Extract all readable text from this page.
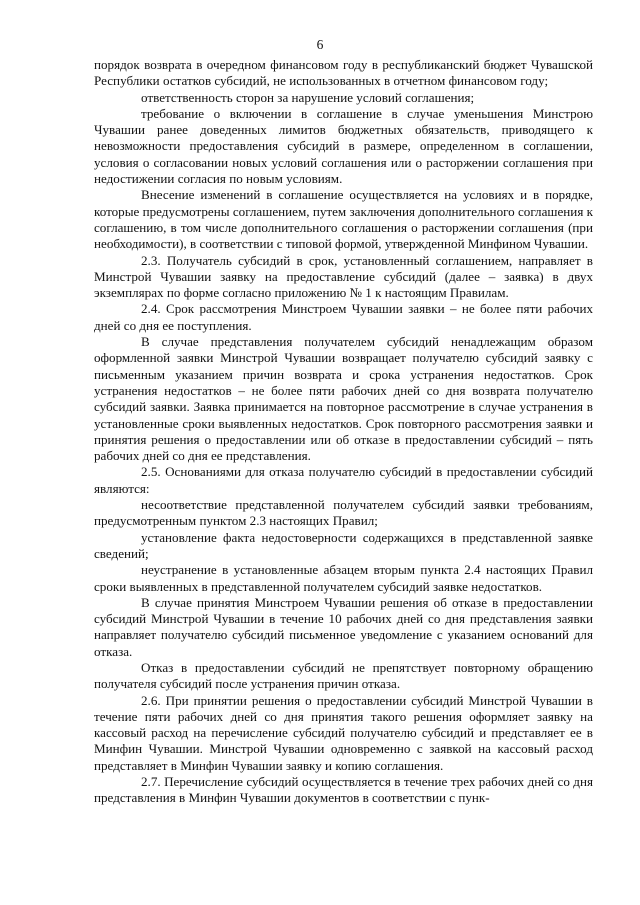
6

порядок возврата в очередном финансовом году в республиканский бюджет Чувашской Республики остатков субсидий, не использованных в отчетном финансовом году;

ответственность сторон за нарушение условий соглашения;

требование о включении в соглашение в случае уменьшения Минстрою Чувашии ранее доведенных лимитов бюджетных обязательств, приводящего к невозможности предоставления субсидий в размере, определенном в соглашении, условия о согласовании новых условий соглашения или о расторжении соглашения при недостижении согласия по новым условиям.

Внесение изменений в соглашение осуществляется на условиях и в порядке, которые предусмотрены соглашением, путем заключения дополнительного соглашения к соглашению, в том числе дополнительного соглашения о расторжении соглашения (при необходимости), в соответствии с типовой формой, утвержденной Минфином Чувашии.

2.3. Получатель субсидий в срок, установленный соглашением, направляет в Минстрой Чувашии заявку на предоставление субсидий (далее – заявка) в двух экземплярах по форме согласно приложению № 1 к настоящим Правилам.

2.4. Срок рассмотрения Минстроем Чувашии заявки – не более пяти рабочих дней со дня ее поступления.

В случае представления получателем субсидий ненадлежащим образом оформленной заявки Минстрой Чувашии возвращает получателю субсидий заявку с письменным указанием причин возврата и срока устранения недостатков. Срок устранения недостатков – не более пяти рабочих дней со дня возврата получателю субсидий заявки. Заявка принимается на повторное рассмотрение в случае устранения в установленные сроки выявленных недостатков. Срок повторного рассмотрения заявки и принятия решения о предоставлении или об отказе в предоставлении субсидий – пять рабочих дней со дня ее представления.

2.5. Основаниями для отказа получателю субсидий в предоставлении субсидий являются:

несоответствие представленной получателем субсидий заявки требованиям, предусмотренным пунктом 2.3 настоящих Правил;

установление факта недостоверности содержащихся в представленной заявке сведений;

неустранение в установленные абзацем вторым пункта 2.4 настоящих Правил сроки выявленных в представленной получателем субсидий заявке недостатков.

В случае принятия Минстроем Чувашии решения об отказе в предоставлении субсидий Минстрой Чувашии в течение 10 рабочих дней со дня представления заявки направляет получателю субсидий письменное уведомление с указанием оснований для отказа.

Отказ в предоставлении субсидий не препятствует повторному обращению получателя субсидий после устранения причин отказа.

2.6. При принятии решения о предоставлении субсидий Минстрой Чувашии в течение пяти рабочих дней со дня принятия такого решения оформляет заявку на кассовый расход на перечисление субсидий получателю субсидий и представляет ее в Минфин Чувашии. Минстрой Чувашии одновременно с заявкой на кассовый расход представляет в Минфин Чувашии заявку и копию соглашения.

2.7. Перечисление субсидий осуществляется в течение трех рабочих дней со дня представления в Минфин Чувашии документов в соответствии с пунк-
